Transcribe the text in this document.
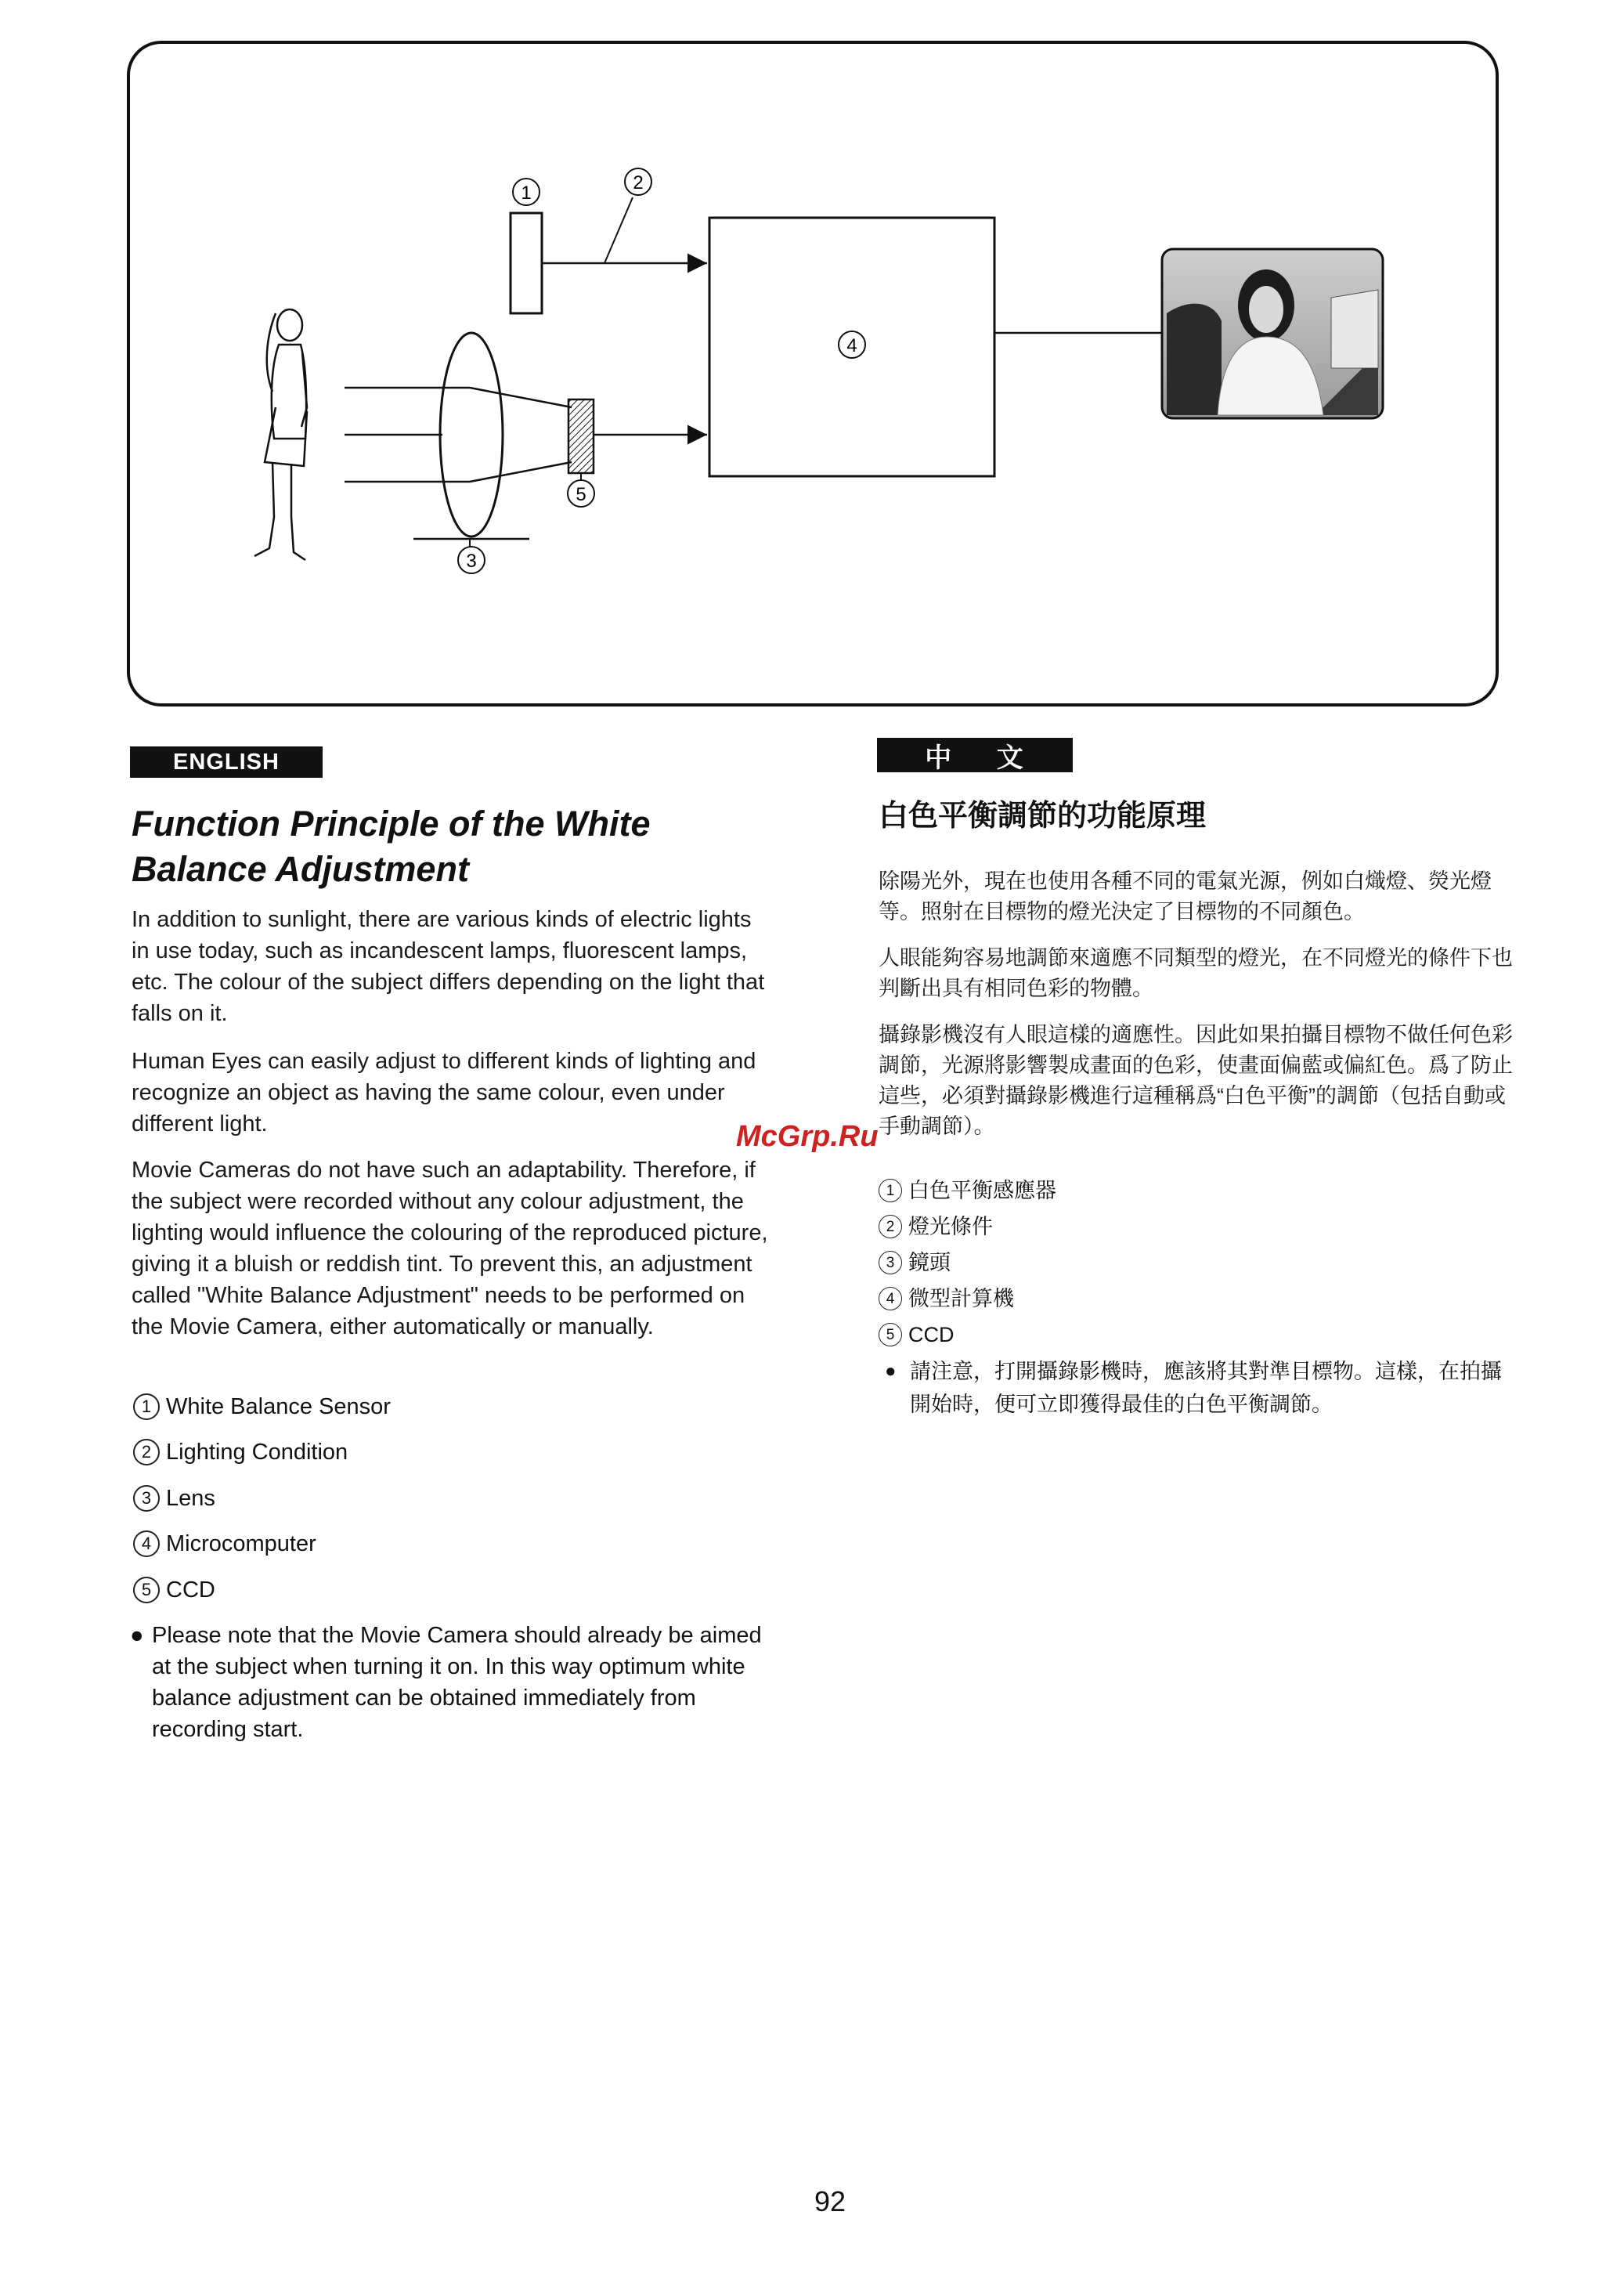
1	2
3
4
5
ENGLISH
Function Principle of the White Balance Adjustment

In addition to sunlight, there are various kinds of electric lights in use today, such as incandescent lamps, fluorescent lamps, etc. The colour of the subject differs depending on the light that falls on it.

Human Eyes can easily adjust to different kinds of lighting and recognize an object as having the same colour, even under different light.

Movie Cameras do not have such an adaptability. Therefore, if the subject were recorded without any colour adjustment, the lighting would influence the colouring of the reproduced picture, giving it a bluish or reddish tint. To prevent this, an adjustment called "White Balance Adjustment" needs to be performed on the Movie Camera, either automatically or manually.

1 White Balance Sensor
2 Lighting Condition
3 Lens
4 Microcomputer
5 CCD
● Please note that the Movie Camera should already be aimed at the subject when turning it on. In this way optimum white balance adjustment can be obtained immediately from recording start.
中 文
白色平衡調節的功能原理

除陽光外，現在也使用各種不同的電氣光源，例如白熾燈、熒光燈等。照射在目標物的燈光決定了目標物的不同顏色。

人眼能夠容易地調節來適應不同類型的燈光，在不同燈光的條件下也判斷出具有相同色彩的物體。

攝錄影機沒有人眼這樣的適應性。因此如果拍攝目標物不做任何色彩調節，光源將影響製成畫面的色彩，使畫面偏藍或偏紅色。爲了防止這些，必須對攝錄影機進行這種稱爲“白色平衡”的調節（包括自動或手動調節）。

1 白色平衡感應器
2 燈光條件
3 鏡頭
4 微型計算機
5 CCD
● 請注意，打開攝錄影機時，應該將其對準目標物。這樣，在拍攝開始時，便可立即獲得最佳的白色平衡調節。
McGrp.Ru
92
